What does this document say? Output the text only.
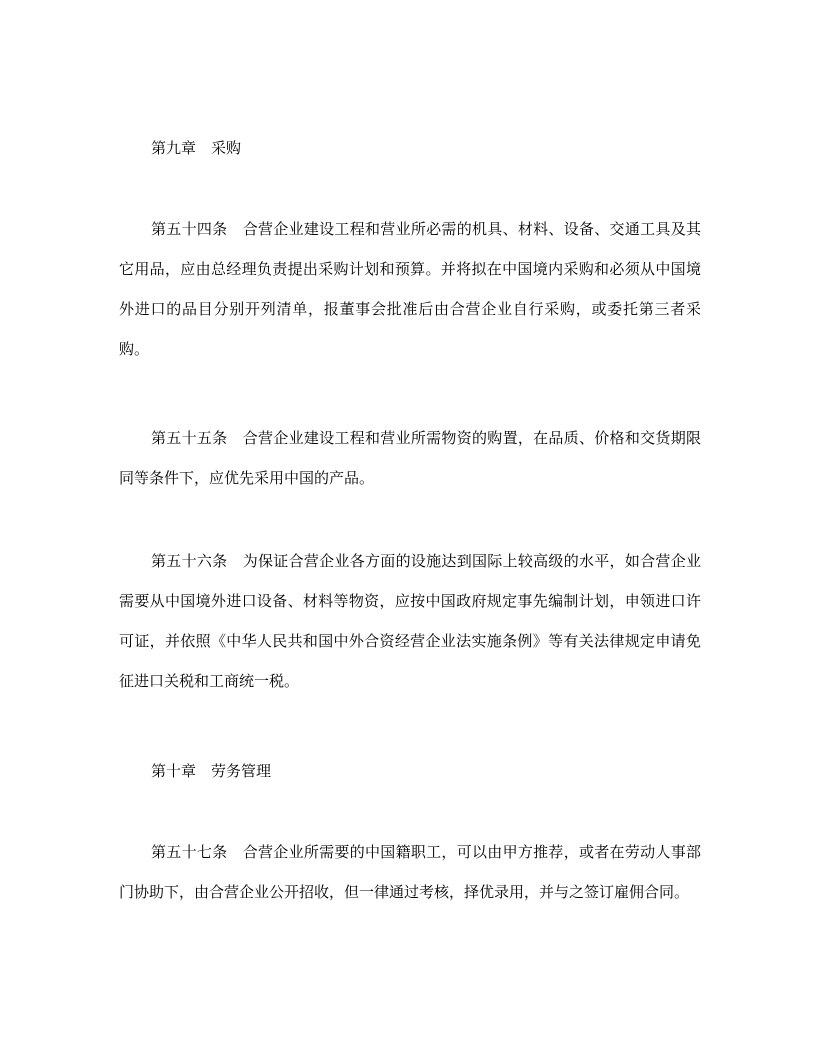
第九章　采购

第五十四条　合营企业建设工程和营业所必需的机具、材料、设备、交通工具及其它用品，应由总经理负责提出采购计划和预算。并将拟在中国境内采购和必须从中国境外进口的品目分别开列清单，报董事会批准后由合营企业自行采购，或委托第三者采购。

第五十五条　合营企业建设工程和营业所需物资的购置，在品质、价格和交货期限同等条件下，应优先采用中国的产品。

第五十六条　为保证合营企业各方面的设施达到国际上较高级的水平，如合营企业需要从中国境外进口设备、材料等物资，应按中国政府规定事先编制计划，申领进口许可证，并依照《中华人民共和国中外合资经营企业法实施条例》等有关法律规定申请免征进口关税和工商统一税。

第十章　劳务管理

第五十七条　合营企业所需要的中国籍职工，可以由甲方推荐，或者在劳动人事部门协助下，由合营企业公开招收，但一律通过考核，择优录用，并与之签订雇佣合同。
